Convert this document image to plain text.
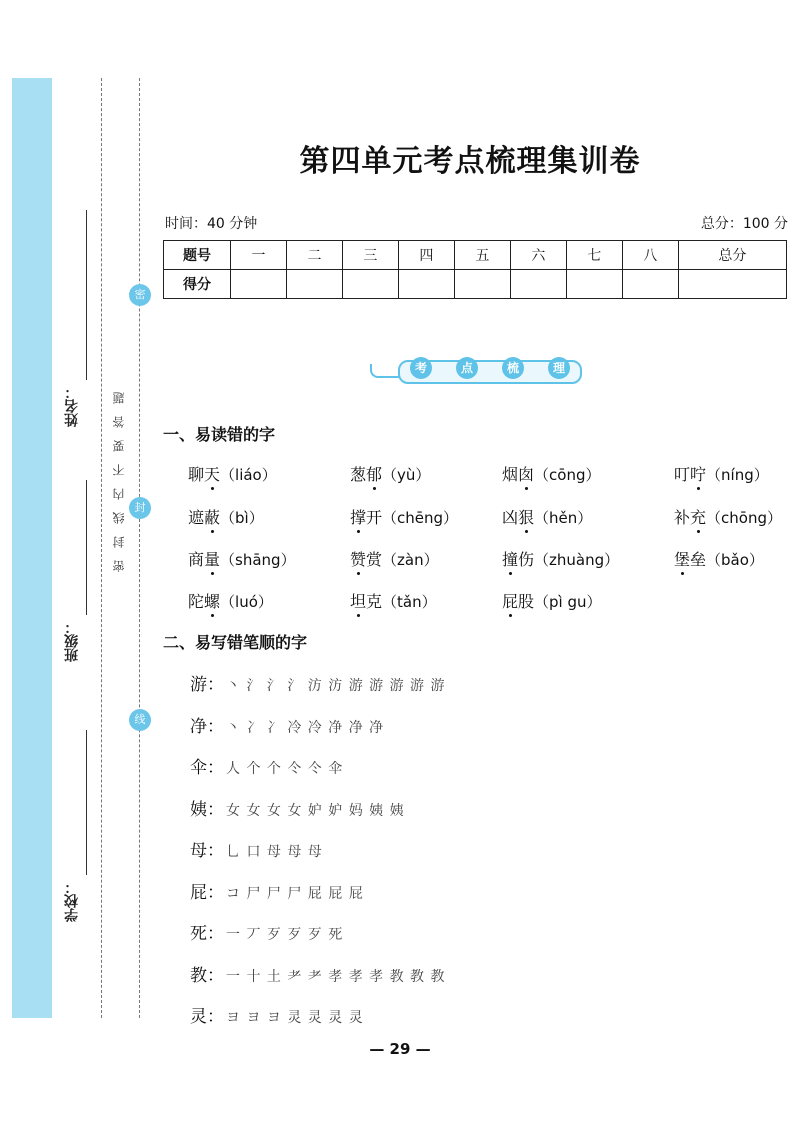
姓名：
班级：
学校：
密封线内不要答题
密
封
线
第四单元考点梳理集训卷
时间：40 分钟	总分：100 分
题号	一	二	三	四	五	六	七	八	总分
得分									
考	点	梳	理
一、易读错的字
聊天（liáo）	葱郁（yù）	烟囱（cōng）	叮咛（níng）
遮蔽（bì）	撑开（chēng）	凶狠（hěn）	补充（chōng）
商量（shāng）	赞赏（zàn）	撞伤（zhuàng）	堡垒（bǎo）
陀螺（luó）	坦克（tǎn）	屁股（pì gu）
二、易写错笔顺的字
游： 丶 氵 氵 氵 汸 汸 游 游 游 游 游
净： 丶 冫 冫 冷 冷 净 净 净
伞： 人 个 个 仒 仒 伞
姨： 女 女 女 女 妒 妒 妈 姨 姨
母： 乚 口 母 母 母
屁： コ 尸 尸 尸 屁 屁 屁
死： 一 丆 歹 歹 歹 死
教： 一 十 土 耂 耂 孝 孝 孝 教 教 教
灵： ヨ ヨ ヨ 灵 灵 灵 灵
— 29 —
